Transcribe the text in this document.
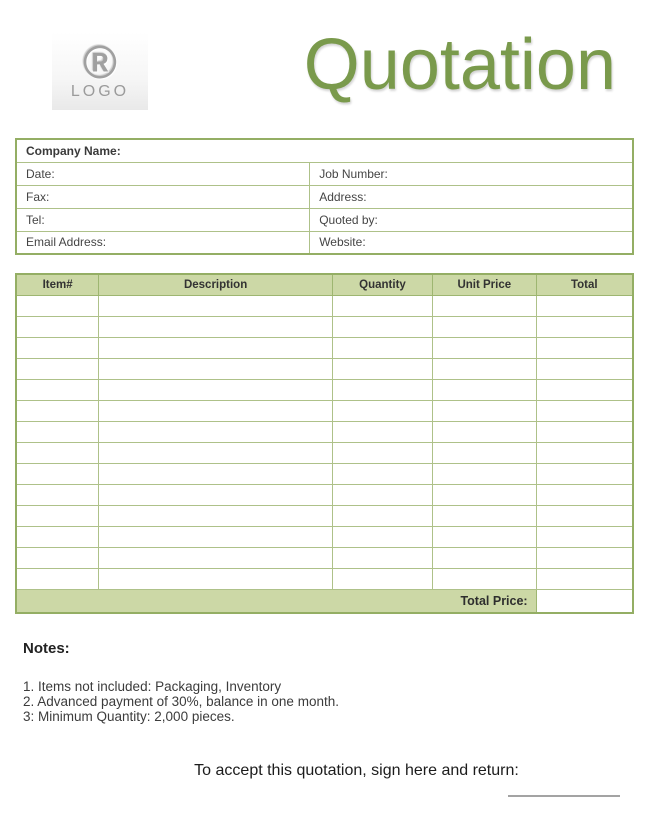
®
LOGO Quotation
Company Name:	
Date:	Job Number:
Fax:	Address:
Tel:	Quoted by:
Email Address:	Website:
Item#	Description	Quantity	Unit Price	Total

Total Price:				
Notes:
1. Items not included: Packaging, Inventory
2. Advanced payment of 30%, balance in one month.
3: Minimum Quantity: 2,000 pieces.

To accept this quotation, sign here and return:
